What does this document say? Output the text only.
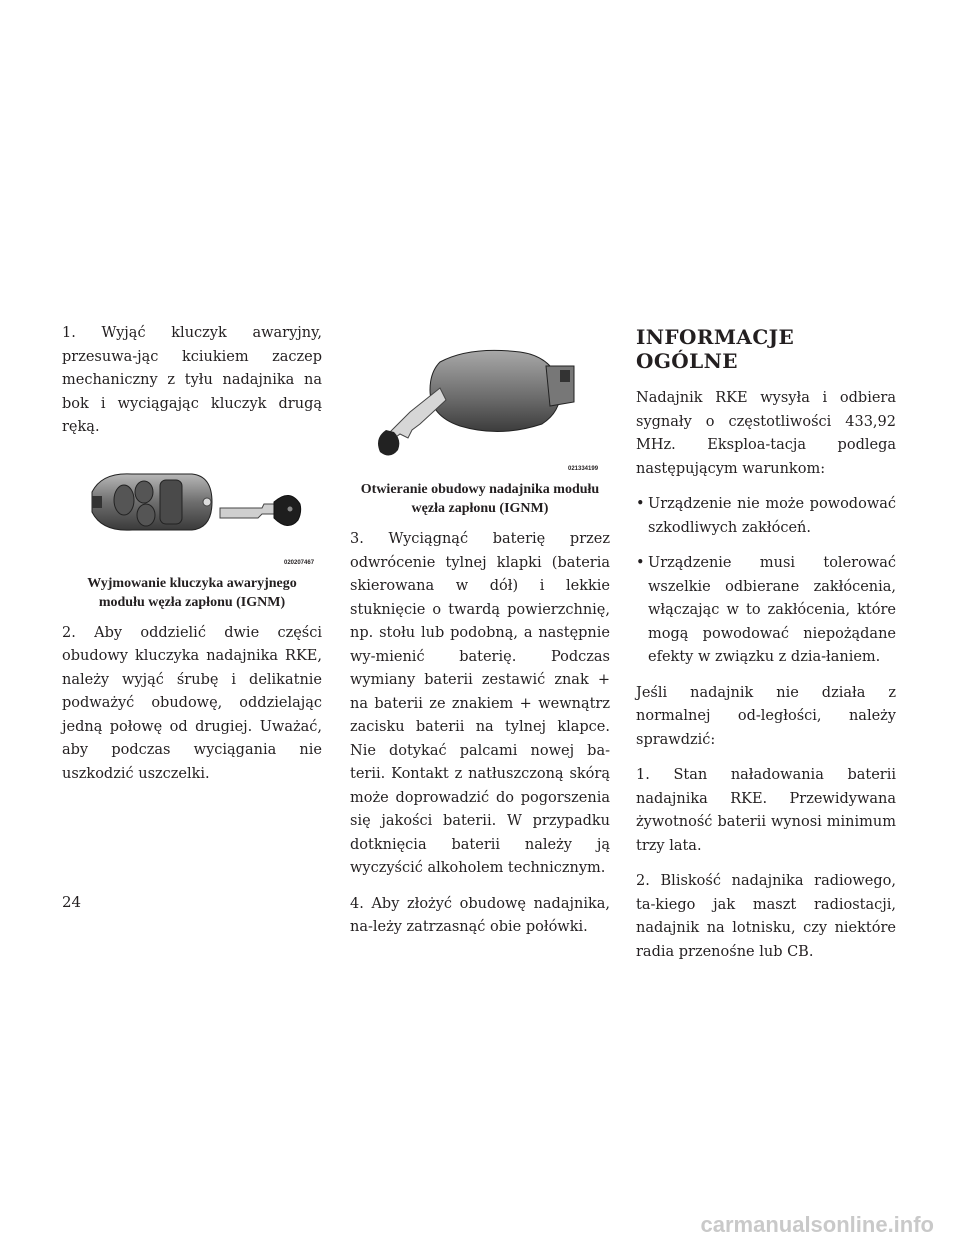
1. Wyjąć kluczyk awaryjny, przesuwa-jąc kciukiem zaczep mechaniczny z tyłu nadajnika na bok i wyciągając kluczyk drugą ręką.

020207467
Wyjmowanie kluczyka awaryjnego
modułu węzła zapłonu (IGNM)

2. Aby oddzielić dwie części obudowy kluczyka nadajnika RKE, należy wyjąć śrubę i delikatnie podważyć obudowę, oddzielając jedną połowę od drugiej. Uważać, aby podczas wyciągania nie uszkodzić uszczelki.

021334199
Otwieranie obudowy nadajnika modułu
węzła zapłonu (IGNM)

3. Wyciągnąć baterię przez odwrócenie tylnej klapki (bateria skierowana w dół) i lekkie stuknięcie o twardą powierzchnię, np. stołu lub podobną, a następnie wy-mienić baterię. Podczas wymiany baterii zestawić znak + na baterii ze znakiem + wewnątrz zacisku baterii na tylnej klapce. Nie dotykać palcami nowej ba-terii. Kontakt z natłuszczoną skórą może doprowadzić do pogorszenia się jakości baterii. W przypadku dotknięcia baterii należy ją wyczyścić alkoholem technicznym.

4. Aby złożyć obudowę nadajnika, na-leży zatrzasnąć obie połówki.

INFORMACJE OGÓLNE

Nadajnik RKE wysyła i odbiera sygnały o częstotliwości 433,92 MHz. Eksploa-tacja podlega następującym warunkom:

• Urządzenie nie może powodować szkodliwych zakłóceń.
• Urządzenie musi tolerować wszelkie odbierane zakłócenia, włączając w to zakłócenia, które mogą powodować niepożądane efekty w związku z dzia-łaniem.

Jeśli nadajnik nie działa z normalnej od-ległości, należy sprawdzić:

1. Stan naładowania baterii nadajnika RKE. Przewidywana żywotność baterii wynosi minimum trzy lata.

2. Bliskość nadajnika radiowego, ta-kiego jak maszt radiostacji, nadajnik na lotnisku, czy niektóre radia przenośne lub CB.

24
carmanualsonline.info
